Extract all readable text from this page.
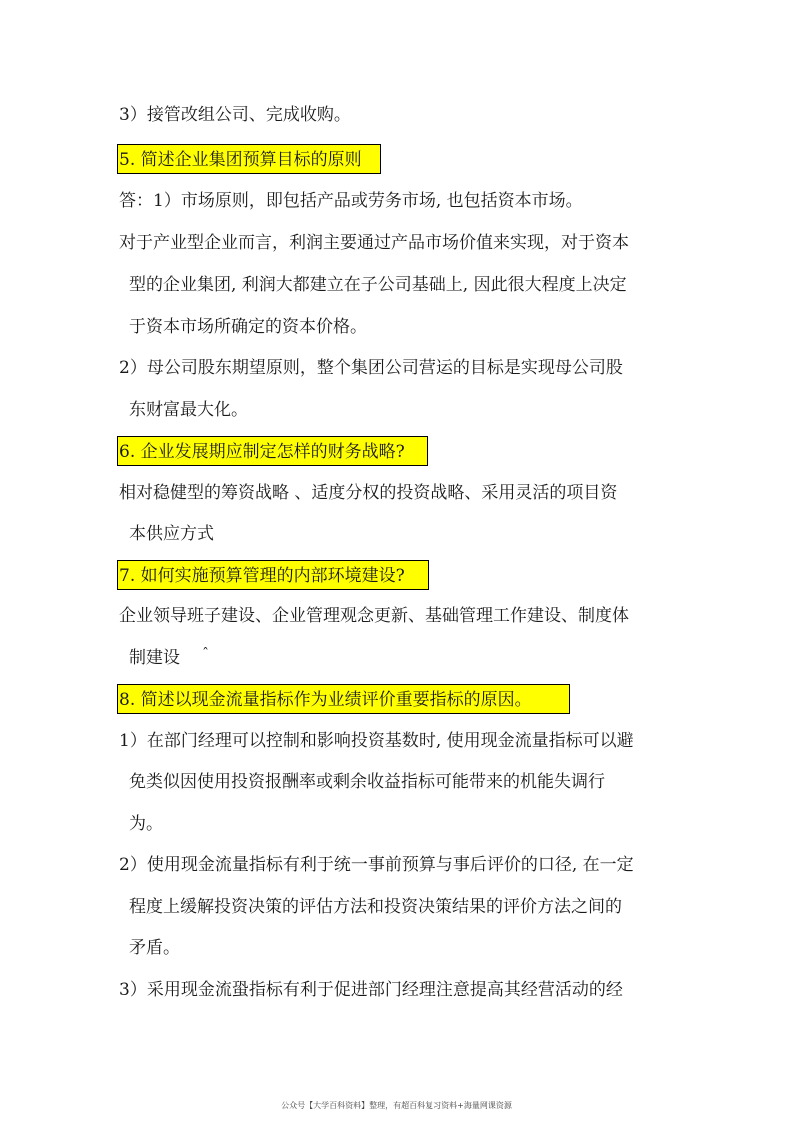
3）接管改组公司、完成收购。

5. 简述企业集团预算目标的原则

答：1）市场原则，即包括产品或劳务市场, 也包括资本市场。

对于产业型企业而言，利润主要通过产品市场价值来实现，对于资本

型的企业集团, 利润大都建立在子公司基础上, 因此很大程度上决定

于资本市场所确定的资本价格。

2）母公司股东期望原则，整个集团公司营运的目标是实现母公司股

东财富最大化。

6. 企业发展期应制定怎样的财务战略?

相对稳健型的筹资战略 、适度分权的投资战略、采用灵活的项目资

本供应方式

7. 如何实施预算管理的内部环境建设?

企业领导班子建设、企业管理观念更新、基础管理工作建设、制度体

制建设 ˆ
8. 简述以现金流量指标作为业绩评价重要指标的原因。

1）在部门经理可以控制和影响投资基数时, 使用现金流量指标可以避

免类似因使用投资报酬率或剩余收益指标可能带来的机能失调行

为。

2）使用现金流量指标有利于统一事前预算与事后评价的口径, 在一定

程度上缓解投资决策的评估方法和投资决策结果的评价方法之间的

矛盾。

3）采用现金流蛩指标有利于促进部门经理注意提高其经营活动的经

公众号【大学百科资料】整理，有超百科复习资料+海量网课资源
